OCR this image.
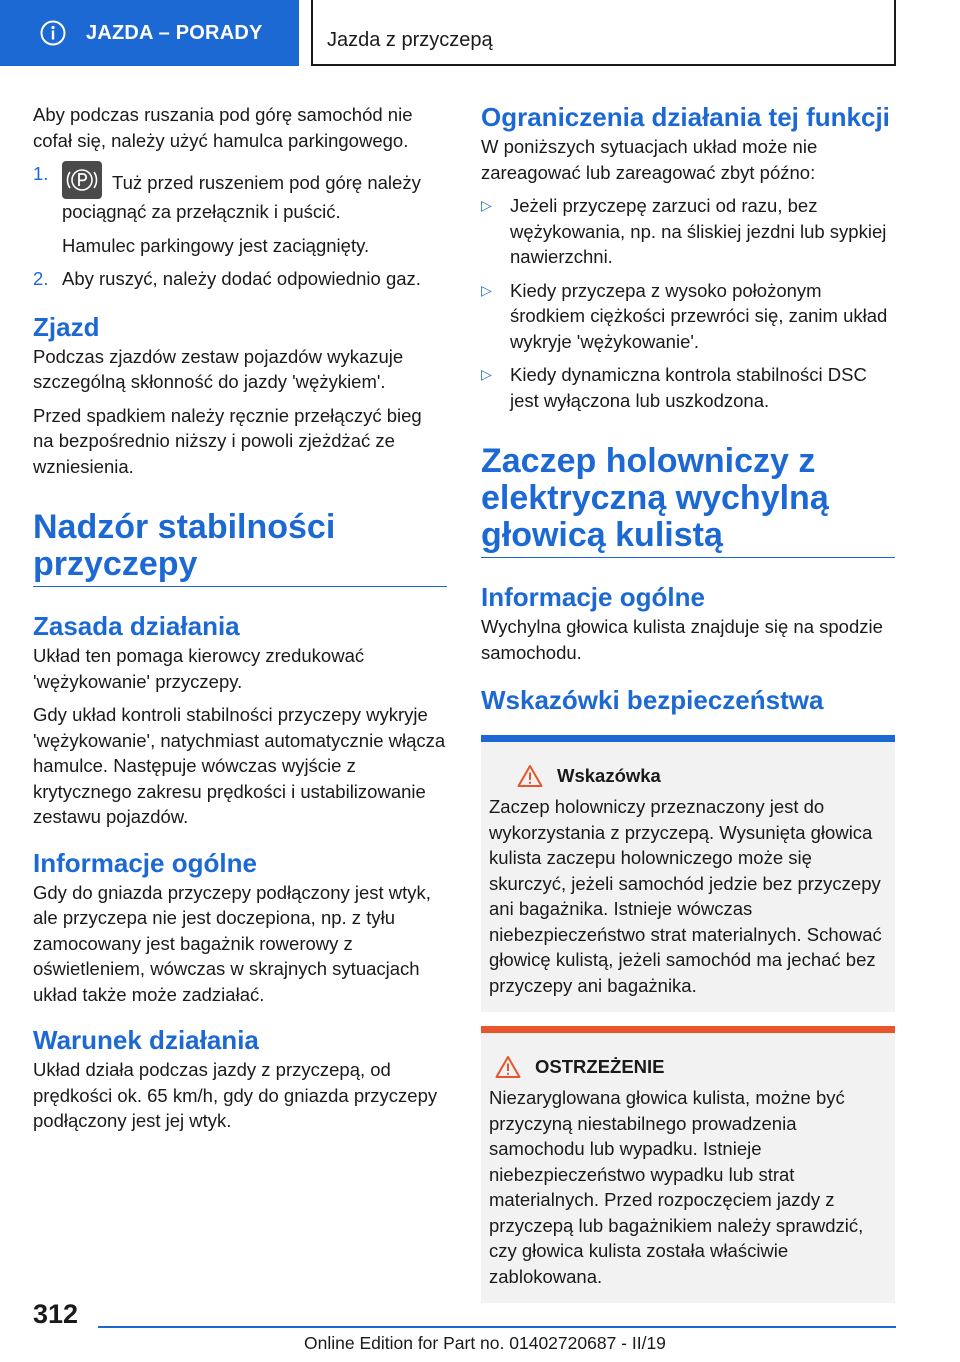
JAZDA – PORADY	Jazda z przyczepą

Aby podczas ruszania pod górę samochód nie cofał się, należy użyć hamulca parkingowego.

1.	Tuż przed ruszeniem pod górę należy pociągnąć za przełącznik i puścić.
Hamulec parkingowy jest zaciągnięty.
2. Aby ruszyć, należy dodać odpowiednio gaz.
Zjazd

Podczas zjazdów zestaw pojazdów wykazuje szczególną skłonność do jazdy 'wężykiem'.

Przed spadkiem należy ręcznie przełączyć bieg na bezpośrednio niższy i powoli zjeżdżać ze wzniesienia.

Nadzór stabilności przyczepy
Zasada działania

Układ ten pomaga kierowcy zredukować 'wężykowanie' przyczepy.

Gdy układ kontroli stabilności przyczepy wykryje 'wężykowanie', natychmiast automatycznie włącza hamulce. Następuje wówczas wyjście z krytycznego zakresu prędkości i ustabilizowanie zestawu pojazdów.

Informacje ogólne

Gdy do gniazda przyczepy podłączony jest wtyk, ale przyczepa nie jest doczepiona, np. z tyłu zamocowany jest bagażnik rowerowy z oświetleniem, wówczas w skrajnych sytuacjach układ także może zadziałać.

Warunek działania

Układ działa podczas jazdy z przyczepą, od prędkości ok. 65 km/h, gdy do gniazda przyczepy podłączony jest jej wtyk.

Ograniczenia działania tej funkcji

W poniższych sytuacjach układ może nie zareagować lub zareagować zbyt późno:

▷ Jeżeli przyczepę zarzuci od razu, bez wężykowania, np. na śliskiej jezdni lub sypkiej nawierzchni.
▷ Kiedy przyczepa z wysoko położonym środkiem ciężkości przewróci się, zanim układ wykryje 'wężykowanie'.
▷ Kiedy dynamiczna kontrola stabilności DSC jest wyłączona lub uszkodzona.
Zaczep holowniczy z elektryczną wychylną głowicą kulistą
Informacje ogólne

Wychylna głowica kulista znajduje się na spodzie samochodu.

Wskazówki bezpieczeństwa
Wskazówka

Zaczep holowniczy przeznaczony jest do wykorzystania z przyczepą. Wysunięta głowica kulista zaczepu holowniczego może się skurczyć, jeżeli samochód jedzie bez przyczepy ani bagażnika. Istnieje wówczas niebezpieczeństwo strat materialnych. Schować głowicę kulistą, jeżeli samochód ma jechać bez przyczepy ani bagażnika.

OSTRZEŻENIE

Niezaryglowana głowica kulista, możne być przyczyną niestabilnego prowadzenia samochodu lub wypadku. Istnieje niebezpieczeństwo wypadku lub strat materialnych. Przed rozpoczęciem jazdy z przyczepą lub bagażnikiem należy sprawdzić, czy głowica kulista została właściwie zablokowana.

312
Online Edition for Part no. 01402720687 - II/19
